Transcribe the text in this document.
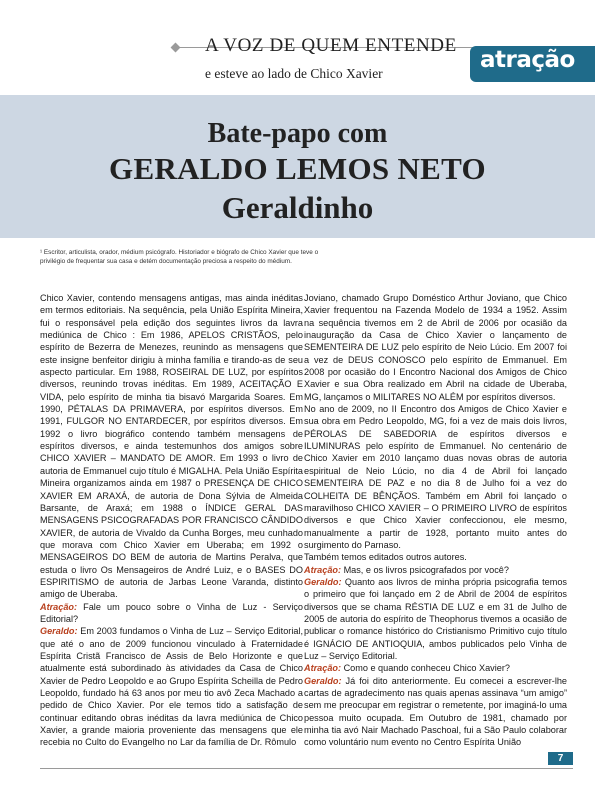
A VOZ DE QUEM ENTENDE
e esteve ao lado de Chico Xavier
atração
Bate-papo com
GERALDO LEMOS NETO
Geraldinho
¹ Escritor, articulista, orador, médium psicógrafo. Historiador e biógrafo de Chico Xavier que teve o privilégio de frequentar sua casa e detém documentação preciosa a respeito do médium.

Chico Xavier, contendo mensagens antigas, mas ainda inéditas em termos editoriais. Na sequência, pela União Espírita Mineira, fui o responsável pela edição dos seguintes livros da lavra mediúnica de Chico : Em 1986, APELOS CRISTÃOS, pelo espírito de Bezerra de Menezes, reunindo as mensagens que este insigne benfeitor dirigiu à minha família e tirando-as de seu aspecto particular. Em 1988, ROSEIRAL DE LUZ, por espíritos diversos, reunindo trovas inéditas. Em 1989, ACEITAÇÃO E VIDA, pelo espírito de minha tia bisavó Margarida Soares. Em 1990, PÉTALAS DA PRIMAVERA, por espíritos diversos. Em 1991, FULGOR NO ENTARDECER, por espíritos diversos. Em 1992 o livro biográfico contendo também mensagens de espíritos diversos, e ainda testemunhos dos amigos sobre CHICO XAVIER – MANDATO DE AMOR. Em 1993 o livro de autoria de Emmanuel cujo título é MIGALHA. Pela União Espírita Mineira organizamos ainda em 1987 o PRESENÇA DE CHICO XAVIER EM ARAXÁ, de autoria de Dona Sýlvia de Almeida Barsante, de Araxá; em 1988 o ÍNDICE GERAL DAS MENSAGENS PSICOGRAFADAS POR FRANCISCO CÂNDIDO XAVIER, de autoria de Vivaldo da Cunha Borges, meu cunhado que morava com Chico Xavier em Uberaba; em 1992 o MENSAGEIROS DO BEM de autoria de Martins Peralva, que estuda o livro Os Mensageiros de André Luiz, e o BASES DO ESPIRITISMO de autoria de Jarbas Leone Varanda, distinto amigo de Uberaba.

Atração: Fale um pouco sobre o Vinha de Luz - Serviço Editorial?

Geraldo: Em 2003 fundamos o Vinha de Luz – Serviço Editorial, que até o ano de 2009 funcionou vinculado à Fraternidade Espírita Cristã Francisco de Assis de Belo Horizonte e que atualmente está subordinado às atividades da Casa de Chico Xavier de Pedro Leopoldo e ao Grupo Espírita Scheilla de Pedro Leopoldo, fundado há 63 anos por meu tio avô Zeca Machado a pedido de Chico Xavier. Por ele temos tido a satisfação de continuar editando obras inéditas da lavra mediúnica de Chico Xavier, a grande maioria proveniente das mensagens que ele recebia no Culto do Evangelho no Lar da família de Dr. Rômulo

Joviano, chamado Grupo Doméstico Arthur Joviano, que Chico Xavier frequentou na Fazenda Modelo de 1934 a 1952. Assim na sequência tivemos em 2 de Abril de 2006 por ocasião da inauguração da Casa de Chico Xavier o lançamento de SEMENTEIRA DE LUZ pelo espírito de Neio Lúcio. Em 2007 foi a vez de DEUS CONOSCO pelo espírito de Emmanuel. Em 2008 por ocasião do I Encontro Nacional dos Amigos de Chico Xavier e sua Obra realizado em Abril na cidade de Uberaba, MG, lançamos o MILITARES NO ALÉM por espíritos diversos.

No ano de 2009, no II Encontro dos Amigos de Chico Xavier e sua obra em Pedro Leopoldo, MG, foi a vez de mais dois livros, PÉROLAS DE SABEDORIA de espíritos diversos e ILUMINURAS pelo espírito de Emmanuel. No centenário de Chico Xavier em 2010 lançamo duas novas obras de autoria espiritual de Neio Lúcio, no dia 4 de Abril foi lançado SEMENTEIRA DE PAZ e no dia 8 de Julho foi a vez do COLHEITA DE BÊNÇÃOS. Também em Abril foi lançado o maravilhoso CHICO XAVIER – O PRIMEIRO LIVRO de espíritos diversos e que Chico Xavier confeccionou, ele mesmo, manualmente a partir de 1928, portanto muito antes do surgimento do Parnaso.

Também temos editados outros autores.

Atração: Mas, e os livros psicografados por você?

Geraldo: Quanto aos livros de minha própria psicografia temos o primeiro que foi lançado em 2 de Abril de 2004 de espíritos diversos que se chama RÉSTIA DE LUZ e em 31 de Julho de 2005 de autoria do espírito de Theophorus tivemos a ocasião de publicar o romance histórico do Cristianismo Primitivo cujo título é IGNÁCIO DE ANTIOQUIA, ambos publicados pelo Vinha de Luz – Serviço Editorial.

Atração: Como e quando conheceu Chico Xavier?

Geraldo: Já foi dito anteriormente. Eu comecei a escrever-lhe cartas de agradecimento nas quais apenas assinava “um amigo” sem me preocupar em registrar o remetente, por imaginá-lo uma pessoa muito ocupada. Em Outubro de 1981, chamado por minha tia avó Nair Machado Paschoal, fui a São Paulo colaborar como voluntário num evento no Centro Espírita União

7
